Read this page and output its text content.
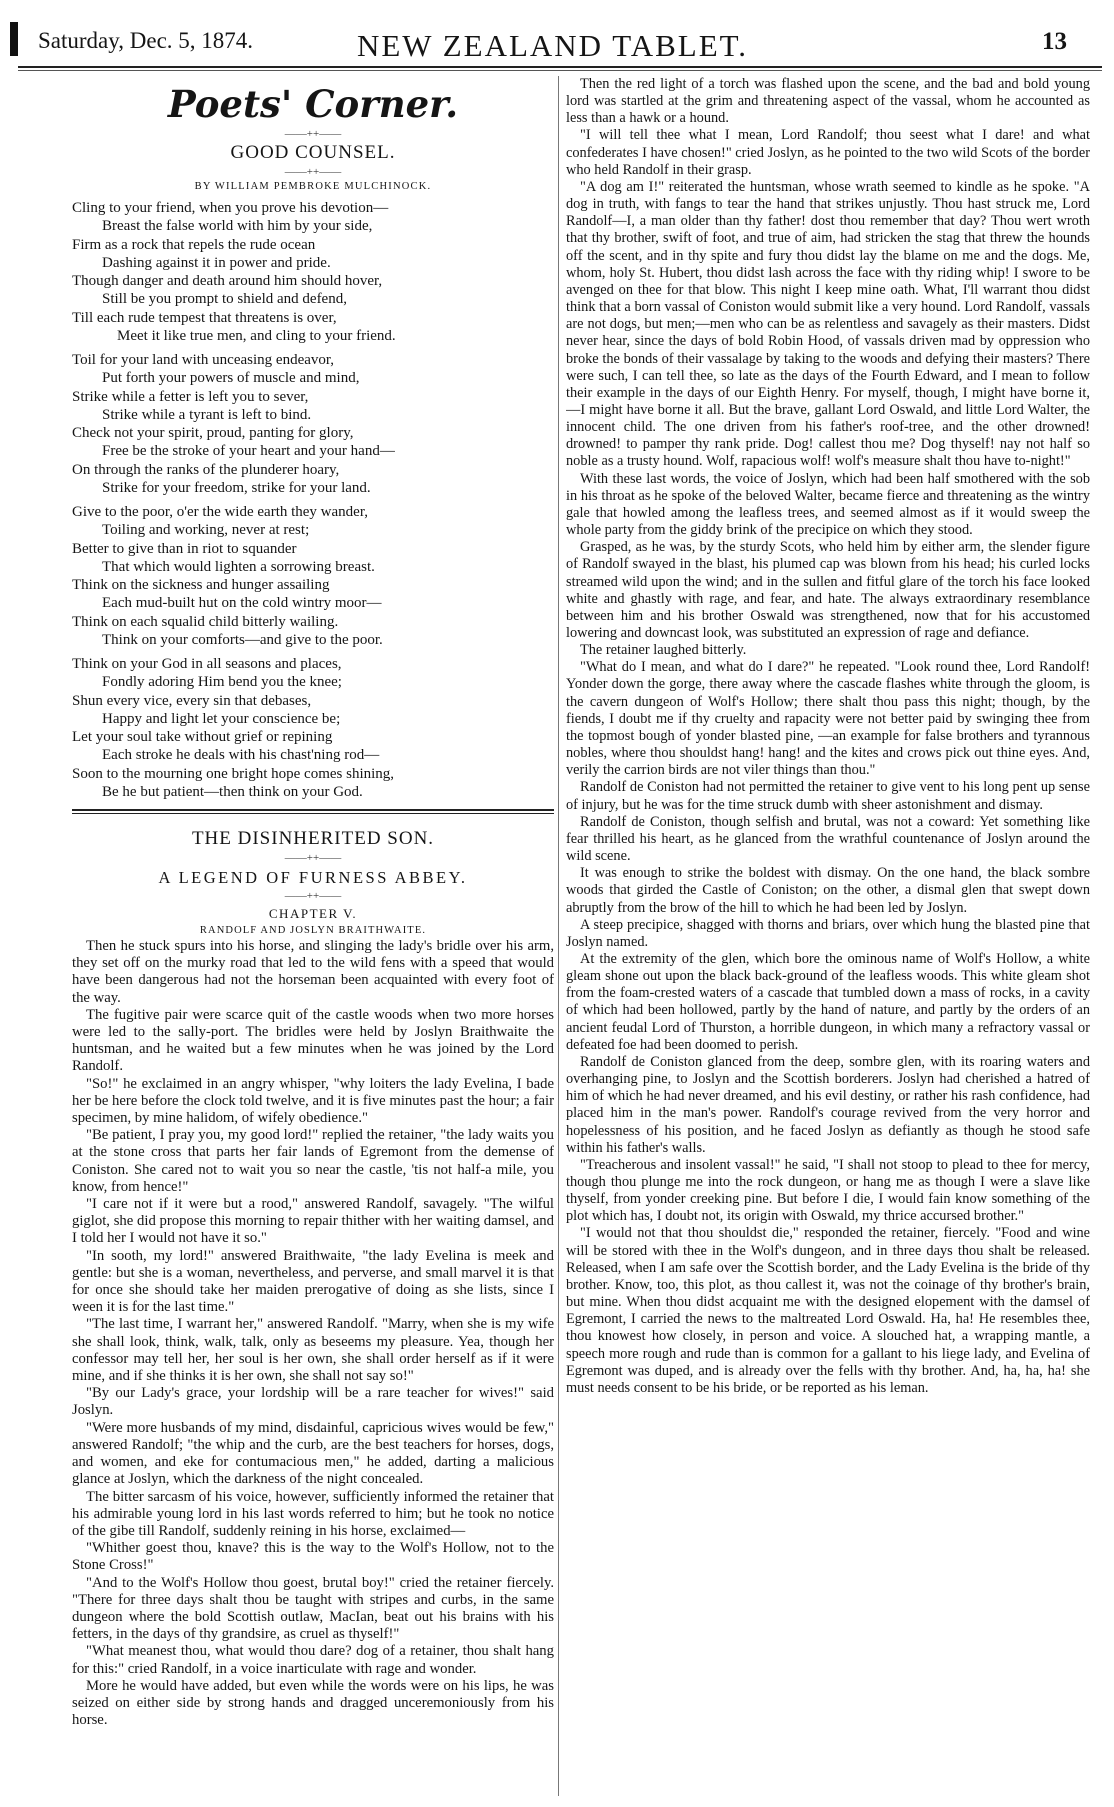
Saturday, Dec. 5, 1874.	NEW ZEALAND TABLET.	13
Poets' Corner.
——++——
GOOD COUNSEL.
——++——
BY WILLIAM PEMBROKE MULCHINOCK.
Cling to your friend, when you prove his devotion—
Breast the false world with him by your side,
Firm as a rock that repels the rude ocean
Dashing against it in power and pride.
Though danger and death around him should hover,
Still be you prompt to shield and defend,
Till each rude tempest that threatens is over,
Meet it like true men, and cling to your friend.
Toil for your land with unceasing endeavor,
Put forth your powers of muscle and mind,
Strike while a fetter is left you to sever,
Strike while a tyrant is left to bind.
Check not your spirit, proud, panting for glory,
Free be the stroke of your heart and your hand—
On through the ranks of the plunderer hoary,
Strike for your freedom, strike for your land.
Give to the poor, o'er the wide earth they wander,
Toiling and working, never at rest;
Better to give than in riot to squander
That which would lighten a sorrowing breast.
Think on the sickness and hunger assailing
Each mud-built hut on the cold wintry moor—
Think on each squalid child bitterly wailing.
Think on your comforts—and give to the poor.
Think on your God in all seasons and places,
Fondly adoring Him bend you the knee;
Shun every vice, every sin that debases,
Happy and light let your conscience be;
Let your soul take without grief or repining
Each stroke he deals with his chast'ning rod—
Soon to the mourning one bright hope comes shining,
Be he but patient—then think on your God.
THE DISINHERITED SON.
——++——
A LEGEND OF FURNESS ABBEY.
——++——
CHAPTER V.
RANDOLF AND JOSLYN BRAITHWAITE.

Then he stuck spurs into his horse, and slinging the lady's bridle over his arm, they set off on the murky road that led to the wild fens with a speed that would have been dangerous had not the horseman been acquainted with every foot of the way.

The fugitive pair were scarce quit of the castle woods when two more horses were led to the sally-port. The bridles were held by Joslyn Braithwaite the huntsman, and he waited but a few minutes when he was joined by the Lord Randolf.

"So!" he exclaimed in an angry whisper, "why loiters the lady Evelina, I bade her be here before the clock told twelve, and it is five minutes past the hour; a fair specimen, by mine halidom, of wifely obedience."

"Be patient, I pray you, my good lord!" replied the retainer, "the lady waits you at the stone cross that parts her fair lands of Egremont from the demense of Coniston. She cared not to wait you so near the castle, 'tis not half-a mile, you know, from hence!"

"I care not if it were but a rood," answered Randolf, savagely. "The wilful giglot, she did propose this morning to repair thither with her waiting damsel, and I told her I would not have it so."

"In sooth, my lord!" answered Braithwaite, "the lady Evelina is meek and gentle: but she is a woman, nevertheless, and perverse, and small marvel it is that for once she should take her maiden prerogative of doing as she lists, since I ween it is for the last time."

"The last time, I warrant her," answered Randolf. "Marry, when she is my wife she shall look, think, walk, talk, only as beseems my pleasure. Yea, though her confessor may tell her, her soul is her own, she shall order herself as if it were mine, and if she thinks it is her own, she shall not say so!"

"By our Lady's grace, your lordship will be a rare teacher for wives!" said Joslyn.

"Were more husbands of my mind, disdainful, capricious wives would be few," answered Randolf; "the whip and the curb, are the best teachers for horses, dogs, and women, and eke for contumacious men," he added, darting a malicious glance at Joslyn, which the darkness of the night concealed.

The bitter sarcasm of his voice, however, sufficiently informed the retainer that his admirable young lord in his last words referred to him; but he took no notice of the gibe till Randolf, suddenly reining in his horse, exclaimed—

"Whither goest thou, knave? this is the way to the Wolf's Hollow, not to the Stone Cross!"

"And to the Wolf's Hollow thou goest, brutal boy!" cried the retainer fiercely. "There for three days shalt thou be taught with stripes and curbs, in the same dungeon where the bold Scottish outlaw, MacIan, beat out his brains with his fetters, in the days of thy grandsire, as cruel as thyself!"

"What meanest thou, what would thou dare? dog of a retainer, thou shalt hang for this:" cried Randolf, in a voice inarticulate with rage and wonder.

More he would have added, but even while the words were on his lips, he was seized on either side by strong hands and dragged unceremoniously from his horse.

Then the red light of a torch was flashed upon the scene, and the bad and bold young lord was startled at the grim and threatening aspect of the vassal, whom he accounted as less than a hawk or a hound.

"I will tell thee what I mean, Lord Randolf; thou seest what I dare! and what confederates I have chosen!" cried Joslyn, as he pointed to the two wild Scots of the border who held Randolf in their grasp.

"A dog am I!" reiterated the huntsman, whose wrath seemed to kindle as he spoke. "A dog in truth, with fangs to tear the hand that strikes unjustly. Thou hast struck me, Lord Randolf—I, a man older than thy father! dost thou remember that day? Thou wert wroth that thy brother, swift of foot, and true of aim, had stricken the stag that threw the hounds off the scent, and in thy spite and fury thou didst lay the blame on me and the dogs. Me, whom, holy St. Hubert, thou didst lash across the face with thy riding whip! I swore to be avenged on thee for that blow. This night I keep mine oath. What, I'll warrant thou didst think that a born vassal of Coniston would submit like a very hound. Lord Randolf, vassals are not dogs, but men;—men who can be as relentless and savagely as their masters. Didst never hear, since the days of bold Robin Hood, of vassals driven mad by oppression who broke the bonds of their vassalage by taking to the woods and defying their masters? There were such, I can tell thee, so late as the days of the Fourth Edward, and I mean to follow their example in the days of our Eighth Henry. For myself, though, I might have borne it,—I might have borne it all. But the brave, gallant Lord Oswald, and little Lord Walter, the innocent child. The one driven from his father's roof-tree, and the other drowned! drowned! to pamper thy rank pride. Dog! callest thou me? Dog thyself! nay not half so noble as a trusty hound. Wolf, rapacious wolf! wolf's measure shalt thou have to-night!"

With these last words, the voice of Joslyn, which had been half smothered with the sob in his throat as he spoke of the beloved Walter, became fierce and threatening as the wintry gale that howled among the leafless trees, and seemed almost as if it would sweep the whole party from the giddy brink of the precipice on which they stood.

Grasped, as he was, by the sturdy Scots, who held him by either arm, the slender figure of Randolf swayed in the blast, his plumed cap was blown from his head; his curled locks streamed wild upon the wind; and in the sullen and fitful glare of the torch his face looked white and ghastly with rage, and fear, and hate. The always extraordinary resemblance between him and his brother Oswald was strengthened, now that for his accustomed lowering and downcast look, was substituted an expression of rage and defiance.

The retainer laughed bitterly.

"What do I mean, and what do I dare?" he repeated. "Look round thee, Lord Randolf! Yonder down the gorge, there away where the cascade flashes white through the gloom, is the cavern dungeon of Wolf's Hollow; there shalt thou pass this night; though, by the fiends, I doubt me if thy cruelty and rapacity were not better paid by swinging thee from the topmost bough of yonder blasted pine, —an example for false brothers and tyrannous nobles, where thou shouldst hang! hang! and the kites and crows pick out thine eyes. And, verily the carrion birds are not viler things than thou."

Randolf de Coniston had not permitted the retainer to give vent to his long pent up sense of injury, but he was for the time struck dumb with sheer astonishment and dismay.

Randolf de Coniston, though selfish and brutal, was not a coward: Yet something like fear thrilled his heart, as he glanced from the wrathful countenance of Joslyn around the wild scene.

It was enough to strike the boldest with dismay. On the one hand, the black sombre woods that girded the Castle of Coniston; on the other, a dismal glen that swept down abruptly from the brow of the hill to which he had been led by Joslyn.

A steep precipice, shagged with thorns and briars, over which hung the blasted pine that Joslyn named.

At the extremity of the glen, which bore the ominous name of Wolf's Hollow, a white gleam shone out upon the black back-ground of the leafless woods. This white gleam shot from the foam-crested waters of a cascade that tumbled down a mass of rocks, in a cavity of which had been hollowed, partly by the hand of nature, and partly by the orders of an ancient feudal Lord of Thurston, a horrible dungeon, in which many a refractory vassal or defeated foe had been doomed to perish.

Randolf de Coniston glanced from the deep, sombre glen, with its roaring waters and overhanging pine, to Joslyn and the Scottish borderers. Joslyn had cherished a hatred of him of which he had never dreamed, and his evil destiny, or rather his rash confidence, had placed him in the man's power. Randolf's courage revived from the very horror and hopelessness of his position, and he faced Joslyn as defiantly as though he stood safe within his father's walls.

"Treacherous and insolent vassal!" he said, "I shall not stoop to plead to thee for mercy, though thou plunge me into the rock dungeon, or hang me as though I were a slave like thyself, from yonder creeking pine. But before I die, I would fain know something of the plot which has, I doubt not, its origin with Oswald, my thrice accursed brother."

"I would not that thou shouldst die," responded the retainer, fiercely. "Food and wine will be stored with thee in the Wolf's dungeon, and in three days thou shalt be released. Released, when I am safe over the Scottish border, and the Lady Evelina is the bride of thy brother. Know, too, this plot, as thou callest it, was not the coinage of thy brother's brain, but mine. When thou didst acquaint me with the designed elopement with the damsel of Egremont, I carried the news to the maltreated Lord Oswald. Ha, ha! He resembles thee, thou knowest how closely, in person and voice. A slouched hat, a wrapping mantle, a speech more rough and rude than is common for a gallant to his liege lady, and Evelina of Egremont was duped, and is already over the fells with thy brother. And, ha, ha, ha! she must needs consent to be his bride, or be reported as his leman.
